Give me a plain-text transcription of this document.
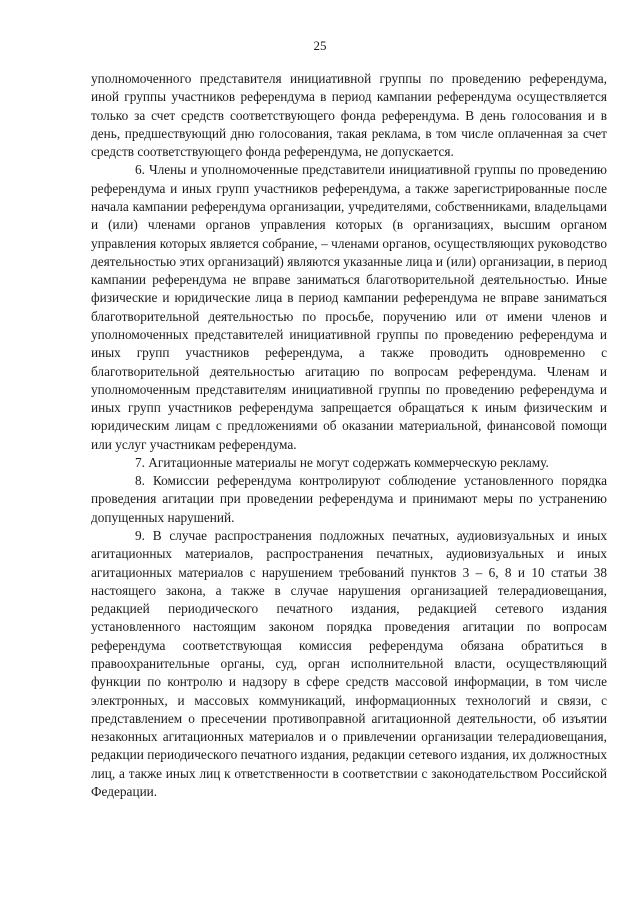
25

уполномоченного представителя инициативной группы по проведению референдума, иной группы участников референдума в период кампании референдума осуществляется только за счет средств соответствующего фонда референдума. В день голосования и в день, предшествующий дню голосования, такая реклама, в том числе оплаченная за счет средств соответствующего фонда референдума, не допускается.

6. Члены и уполномоченные представители инициативной группы по проведению референдума и иных групп участников референдума, а также зарегистрированные после начала кампании референдума организации, учредителями, собственниками, владельцами и (или) членами органов управления которых (в организациях, высшим органом управления которых является собрание, – членами органов, осуществляющих руководство деятельностью этих организаций) являются указанные лица и (или) организации, в период кампании референдума не вправе заниматься благотворительной деятельностью. Иные физические и юридические лица в период кампании референдума не вправе заниматься благотворительной деятельностью по просьбе, поручению или от имени членов и уполномоченных представителей инициативной группы по проведению референдума и иных групп участников референдума, а также проводить одновременно с благотворительной деятельностью агитацию по вопросам референдума. Членам и уполномоченным представителям инициативной группы по проведению референдума и иных групп участников референдума запрещается обращаться к иным физическим и юридическим лицам с предложениями об оказании материальной, финансовой помощи или услуг участникам референдума.

7. Агитационные материалы не могут содержать коммерческую рекламу.

8. Комиссии референдума контролируют соблюдение установленного порядка проведения агитации при проведении референдума и принимают меры по устранению допущенных нарушений.

9. В случае распространения подложных печатных, аудиовизуальных и иных агитационных материалов, распространения печатных, аудиовизуальных и иных агитационных материалов с нарушением требований пунктов 3 – 6, 8 и 10 статьи 38 настоящего закона, а также в случае нарушения организацией телерадиовещания, редакцией периодического печатного издания, редакцией сетевого издания установленного настоящим законом порядка проведения агитации по вопросам референдума соответствующая комиссия референдума обязана обратиться в правоохранительные органы, суд, орган исполнительной власти, осуществляющий функции по контролю и надзору в сфере средств массовой информации, в том числе электронных, и массовых коммуникаций, информационных технологий и связи, с представлением о пресечении противоправной агитационной деятельности, об изъятии незаконных агитационных материалов и о привлечении организации телерадиовещания, редакции периодического печатного издания, редакции сетевого издания, их должностных лиц, а также иных лиц к ответственности в соответствии с законодательством Российской Федерации.
